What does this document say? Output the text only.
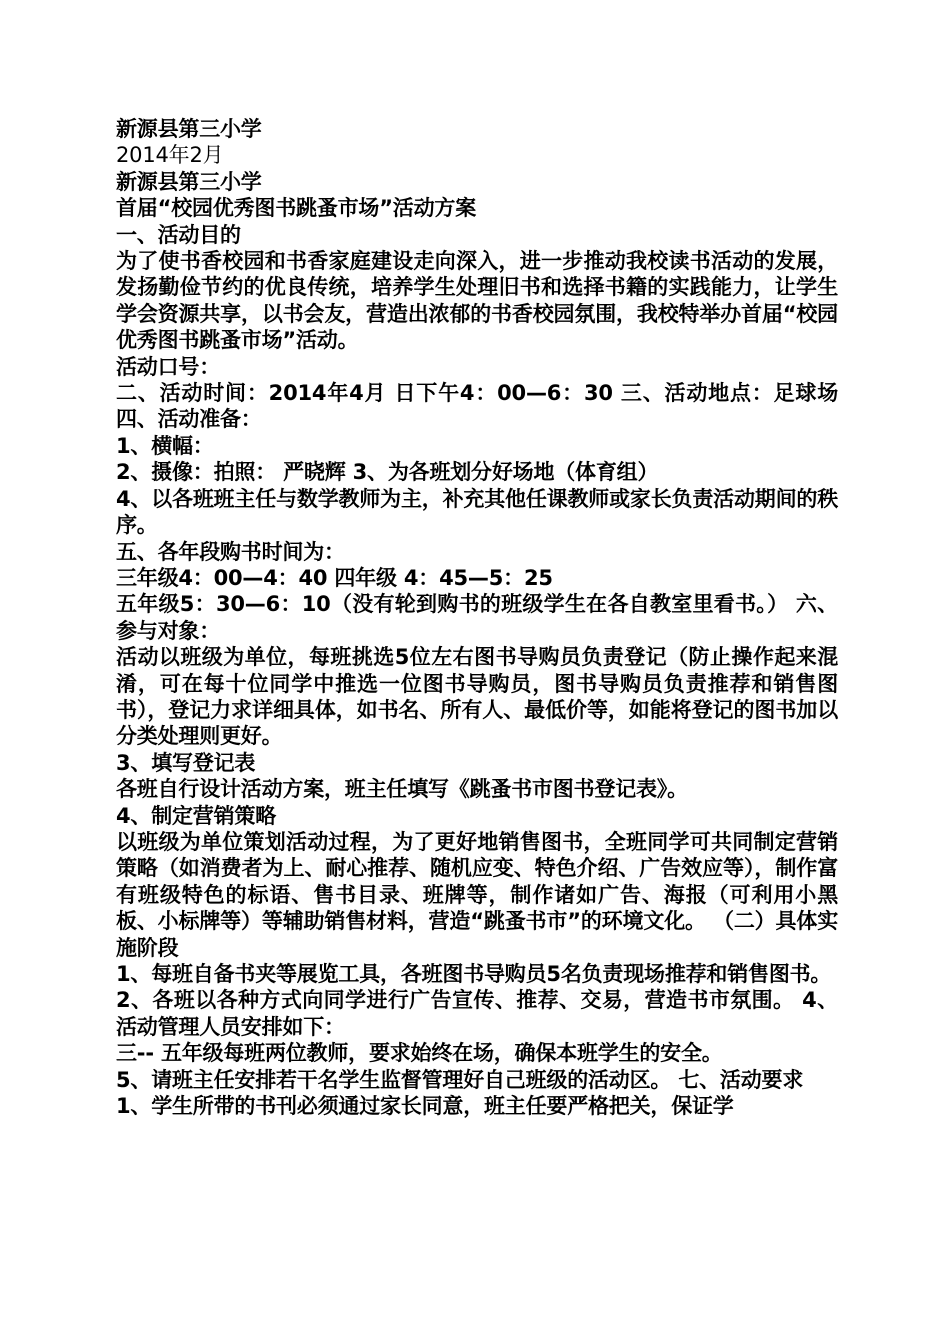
新源县第三小学
2014年2月
新源县第三小学
首届“校园优秀图书跳蚤市场”活动方案
一、活动目的
为了使书香校园和书香家庭建设走向深入，进一步推动我校读书活动的发展，发扬勤俭节约的优良传统，培养学生处理旧书和选择书籍的实践能力，让学生学会资源共享，以书会友，营造出浓郁的书香校园氛围，我校特举办首届“校园优秀图书跳蚤市场”活动。
活动口号：
二、活动时间：2014年4月 日下午4：00—6：30 三、活动地点：足球场 四、活动准备：
1、横幅：
2、摄像：拍照： 严晓辉 3、为各班划分好场地（体育组）
4、以各班班主任与数学教师为主，补充其他任课教师或家长负责活动期间的秩序。
五、各年段购书时间为：
三年级4：00—4：40 四年级 4：45—5：25
五年级5：30—6：10（没有轮到购书的班级学生在各自教室里看书。） 六、参与对象：
活动以班级为单位，每班挑选5位左右图书导购员负责登记（防止操作起来混淆，可在每十位同学中推选一位图书导购员，图书导购员负责推荐和销售图书），登记力求详细具体，如书名、所有人、最低价等，如能将登记的图书加以分类处理则更好。
3、填写登记表
各班自行设计活动方案，班主任填写《跳蚤书市图书登记表》。
4、制定营销策略
以班级为单位策划活动过程，为了更好地销售图书，全班同学可共同制定营销策略（如消费者为上、耐心推荐、随机应变、特色介绍、广告效应等），制作富有班级特色的标语、售书目录、班牌等，制作诸如广告、海报（可利用小黑板、小标牌等）等辅助销售材料，营造“跳蚤书市”的环境文化。 （二）具体实施阶段
1、每班自备书夹等展览工具，各班图书导购员5名负责现场推荐和销售图书。
2、各班以各种方式向同学进行广告宣传、推荐、交易，营造书市氛围。 4、活动管理人员安排如下：
三-- 五年级每班两位教师，要求始终在场，确保本班学生的安全。
5、请班主任安排若干名学生监督管理好自己班级的活动区。 七、活动要求
1、学生所带的书刊必须通过家长同意，班主任要严格把关，保证学
